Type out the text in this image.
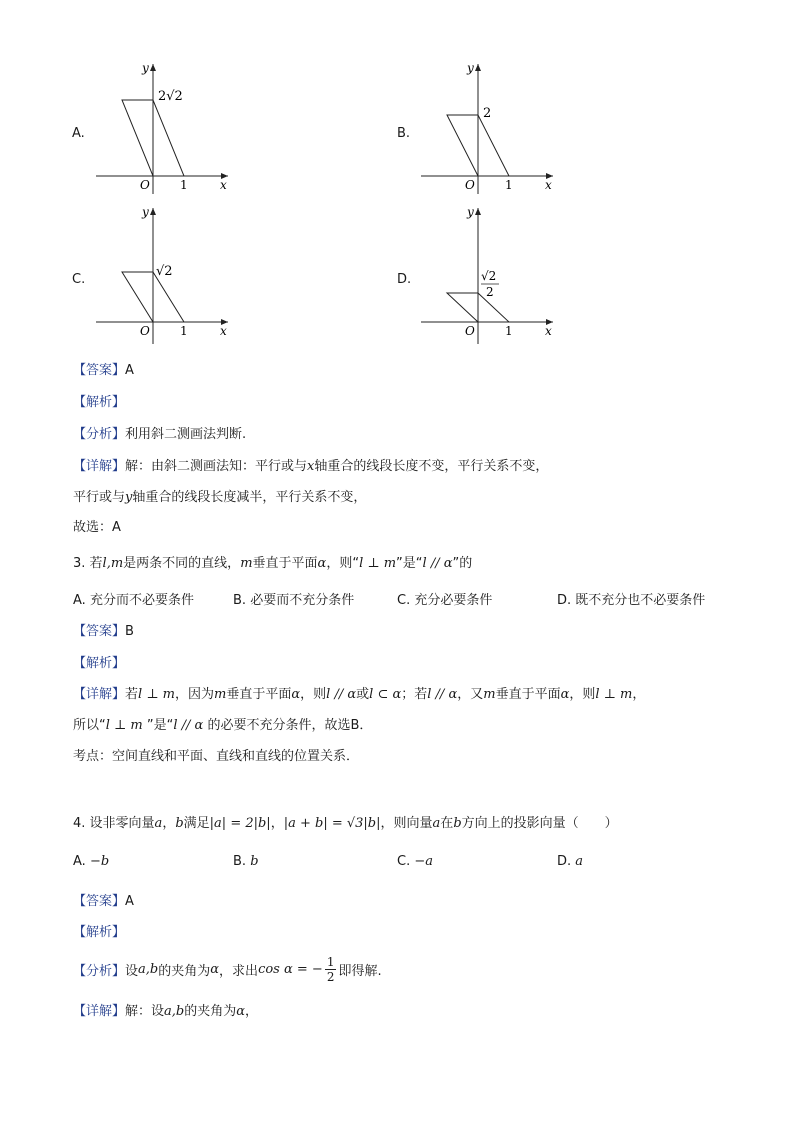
A.
y
x
O	1
2√2
B.
y
x
O	1
2
C.
y
x
O	1
√2
D.
y
x
O	1
√2
2
【答案】A
【解析】
【分析】利用斜二测画法判断.
【详解】解：由斜二测画法知：平行或与x轴重合的线段长度不变，平行关系不变，
平行或与y轴重合的线段长度减半，平行关系不变，
故选：A
3. 若l,m是两条不同的直线，m垂直于平面α，则“l ⊥ m”是“l // α”的
A. 充分而不必要条件	B. 必要而不充分条件	C. 充分必要条件	D. 既不充分也不必要条件
【答案】B
【解析】
【详解】若l ⊥ m，因为m垂直于平面α，则l // α或l ⊂ α；若l // α，又m垂直于平面α，则l ⊥ m，
所以“l ⊥ m ”是“l // α 的必要不充分条件，故选B．
考点：空间直线和平面、直线和直线的位置关系．
4. 设非零向量a，b满足|a| = 2|b|，|a + b| = √3|b|，则向量a在b方向上的投影向量（　　）
A. −b	B. b	C. −a	D. a
【答案】A
【解析】
【分析】 设 a,b 的夹角为 α ，求出 cos α = − $\frac{1}{2}$ 即得解.
【详解】解：设a,b的夹角为α，
